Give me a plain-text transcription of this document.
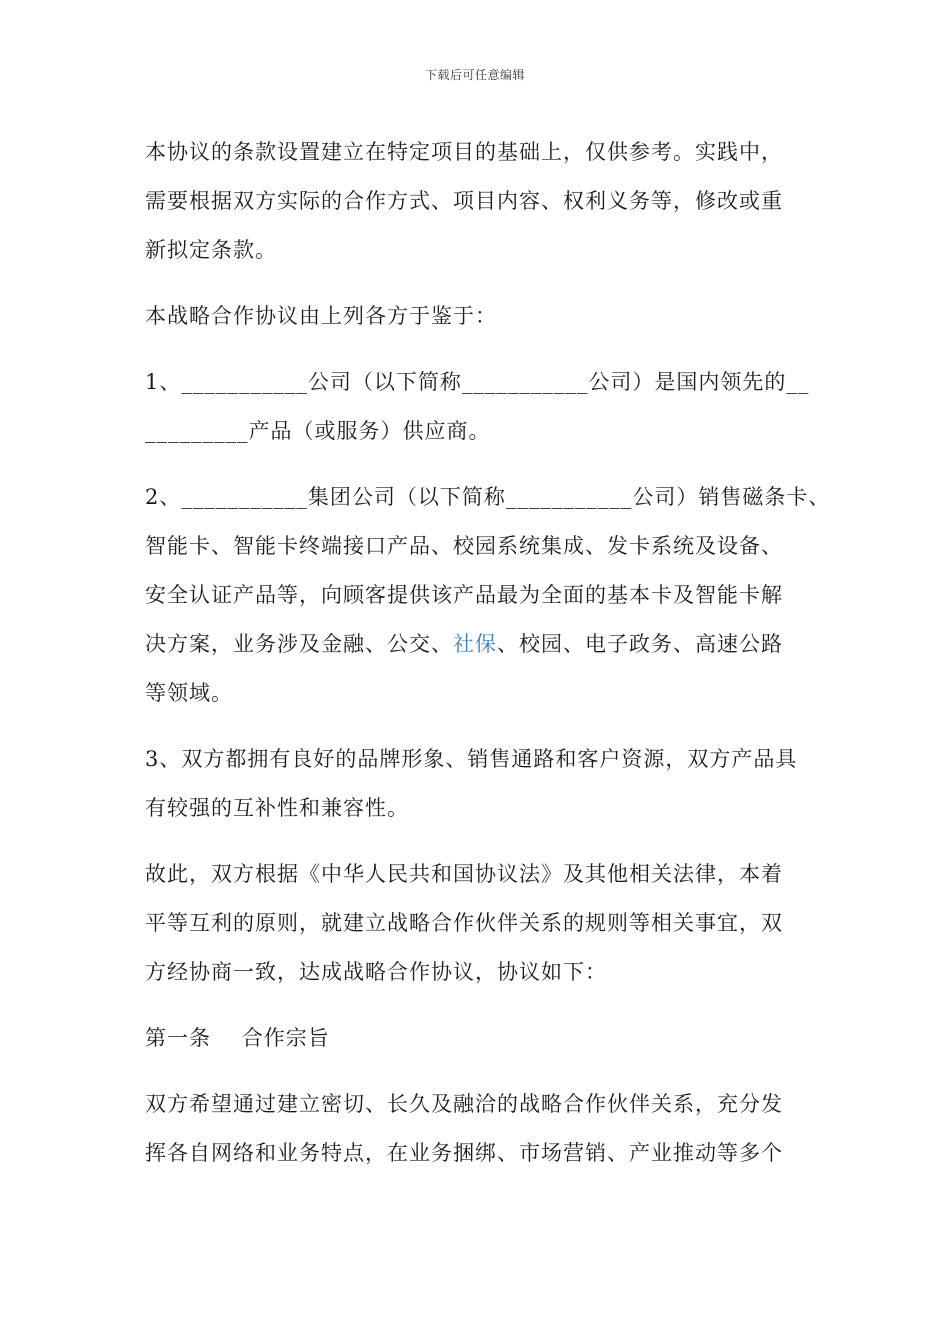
下载后可任意编辑

本协议的条款设置建立在特定项目的基础上，仅供参考。实践中，
需要根据双方实际的合作方式、项目内容、权利义务等，修改或重
新拟定条款。

本战略合作协议由上列各方于鉴于：

1、___________公司（以下简称___________公司）是国内领先的__
_________产品（或服务）供应商。

2、___________集团公司（以下简称___________公司）销售磁条卡、
智能卡、智能卡终端接口产品、校园系统集成、发卡系统及设备、
安全认证产品等，向顾客提供该产品最为全面的基本卡及智能卡解
决方案，业务涉及金融、公交、社保、校园、电子政务、高速公路
等领域。

3、双方都拥有良好的品牌形象、销售通路和客户资源，双方产品具
有较强的互补性和兼容性。

故此，双方根据《中华人民共和国协议法》及其他相关法律，本着
平等互利的原则，就建立战略合作伙伴关系的规则等相关事宜，双
方经协商一致，达成战略合作协议，协议如下：

第一条    合作宗旨

双方希望通过建立密切、长久及融洽的战略合作伙伴关系，充分发
挥各自网络和业务特点，在业务捆绑、市场营销、产业推动等多个
